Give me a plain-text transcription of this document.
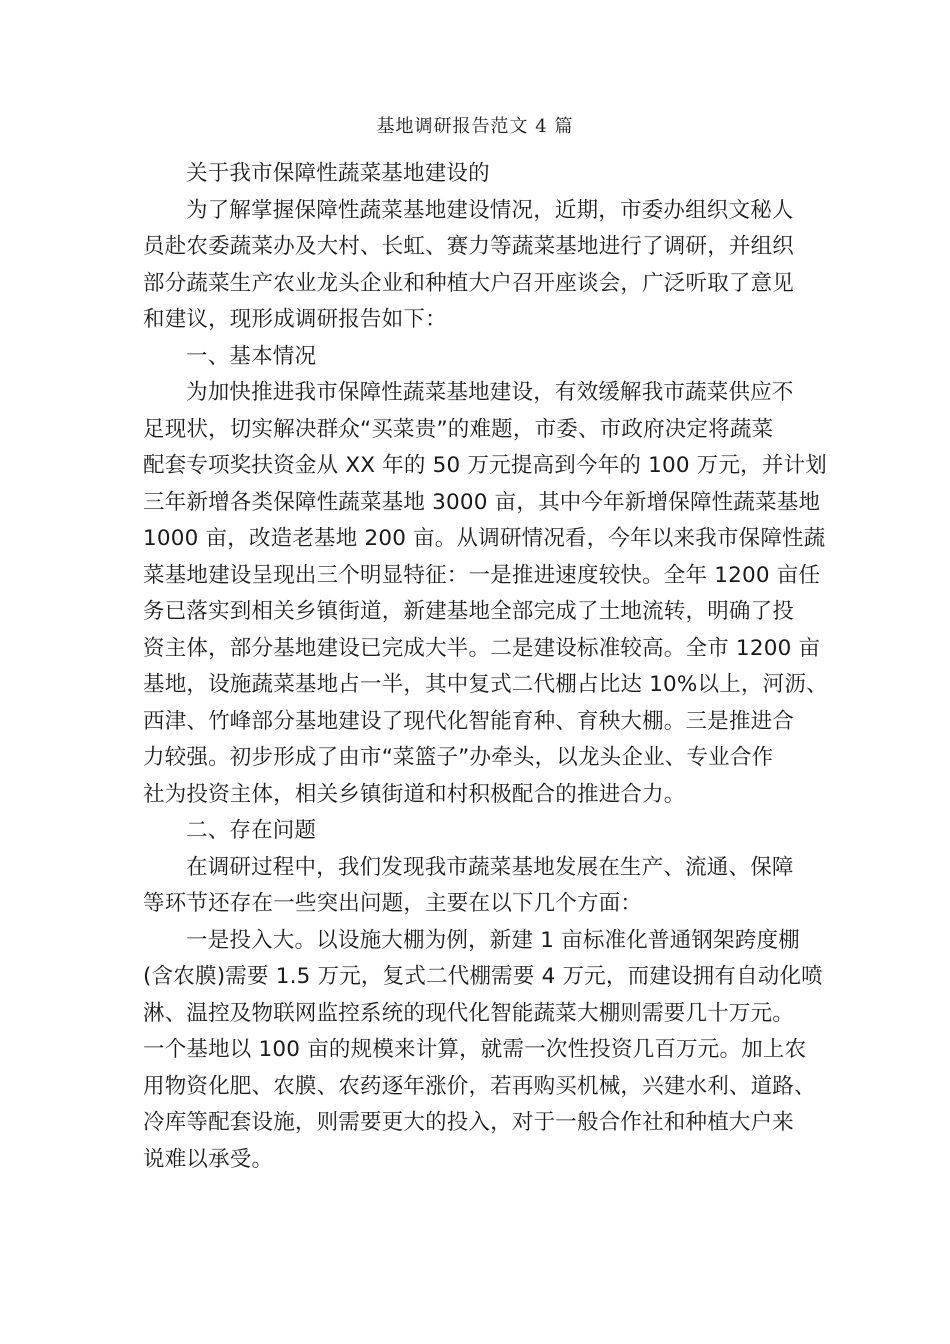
基地调研报告范文 4 篇
关于我市保障性蔬菜基地建设的
为了解掌握保障性蔬菜基地建设情况，近期，市委办组织文秘人
员赴农委蔬菜办及大村、长虹、赛力等蔬菜基地进行了调研，并组织
部分蔬菜生产农业龙头企业和种植大户召开座谈会，广泛听取了意见
和建议，现形成调研报告如下：
一、基本情况
为加快推进我市保障性蔬菜基地建设，有效缓解我市蔬菜供应不
足现状，切实解决群众“买菜贵”的难题，市委、市政府决定将蔬菜
配套专项奖扶资金从 XX 年的 50 万元提高到今年的 100 万元，并计划
三年新增各类保障性蔬菜基地 3000 亩，其中今年新增保障性蔬菜基地
1000 亩，改造老基地 200 亩。从调研情况看，今年以来我市保障性蔬
菜基地建设呈现出三个明显特征：一是推进速度较快。全年 1200 亩任
务已落实到相关乡镇街道，新建基地全部完成了土地流转，明确了投
资主体，部分基地建设已完成大半。二是建设标准较高。全市 1200 亩
基地，设施蔬菜基地占一半，其中复式二代棚占比达 10%以上，河沥、
西津、竹峰部分基地建设了现代化智能育种、育秧大棚。三是推进合
力较强。初步形成了由市“菜篮子”办牵头，以龙头企业、专业合作
社为投资主体，相关乡镇街道和村积极配合的推进合力。
二、存在问题
在调研过程中，我们发现我市蔬菜基地发展在生产、流通、保障
等环节还存在一些突出问题，主要在以下几个方面：
一是投入大。以设施大棚为例，新建 1 亩标准化普通钢架跨度棚
(含农膜)需要 1.5 万元，复式二代棚需要 4 万元，而建设拥有自动化喷
淋、温控及物联网监控系统的现代化智能蔬菜大棚则需要几十万元。
一个基地以 100 亩的规模来计算，就需一次性投资几百万元。加上农
用物资化肥、农膜、农药逐年涨价，若再购买机械，兴建水利、道路、
冷库等配套设施，则需要更大的投入，对于一般合作社和种植大户来
说难以承受。
